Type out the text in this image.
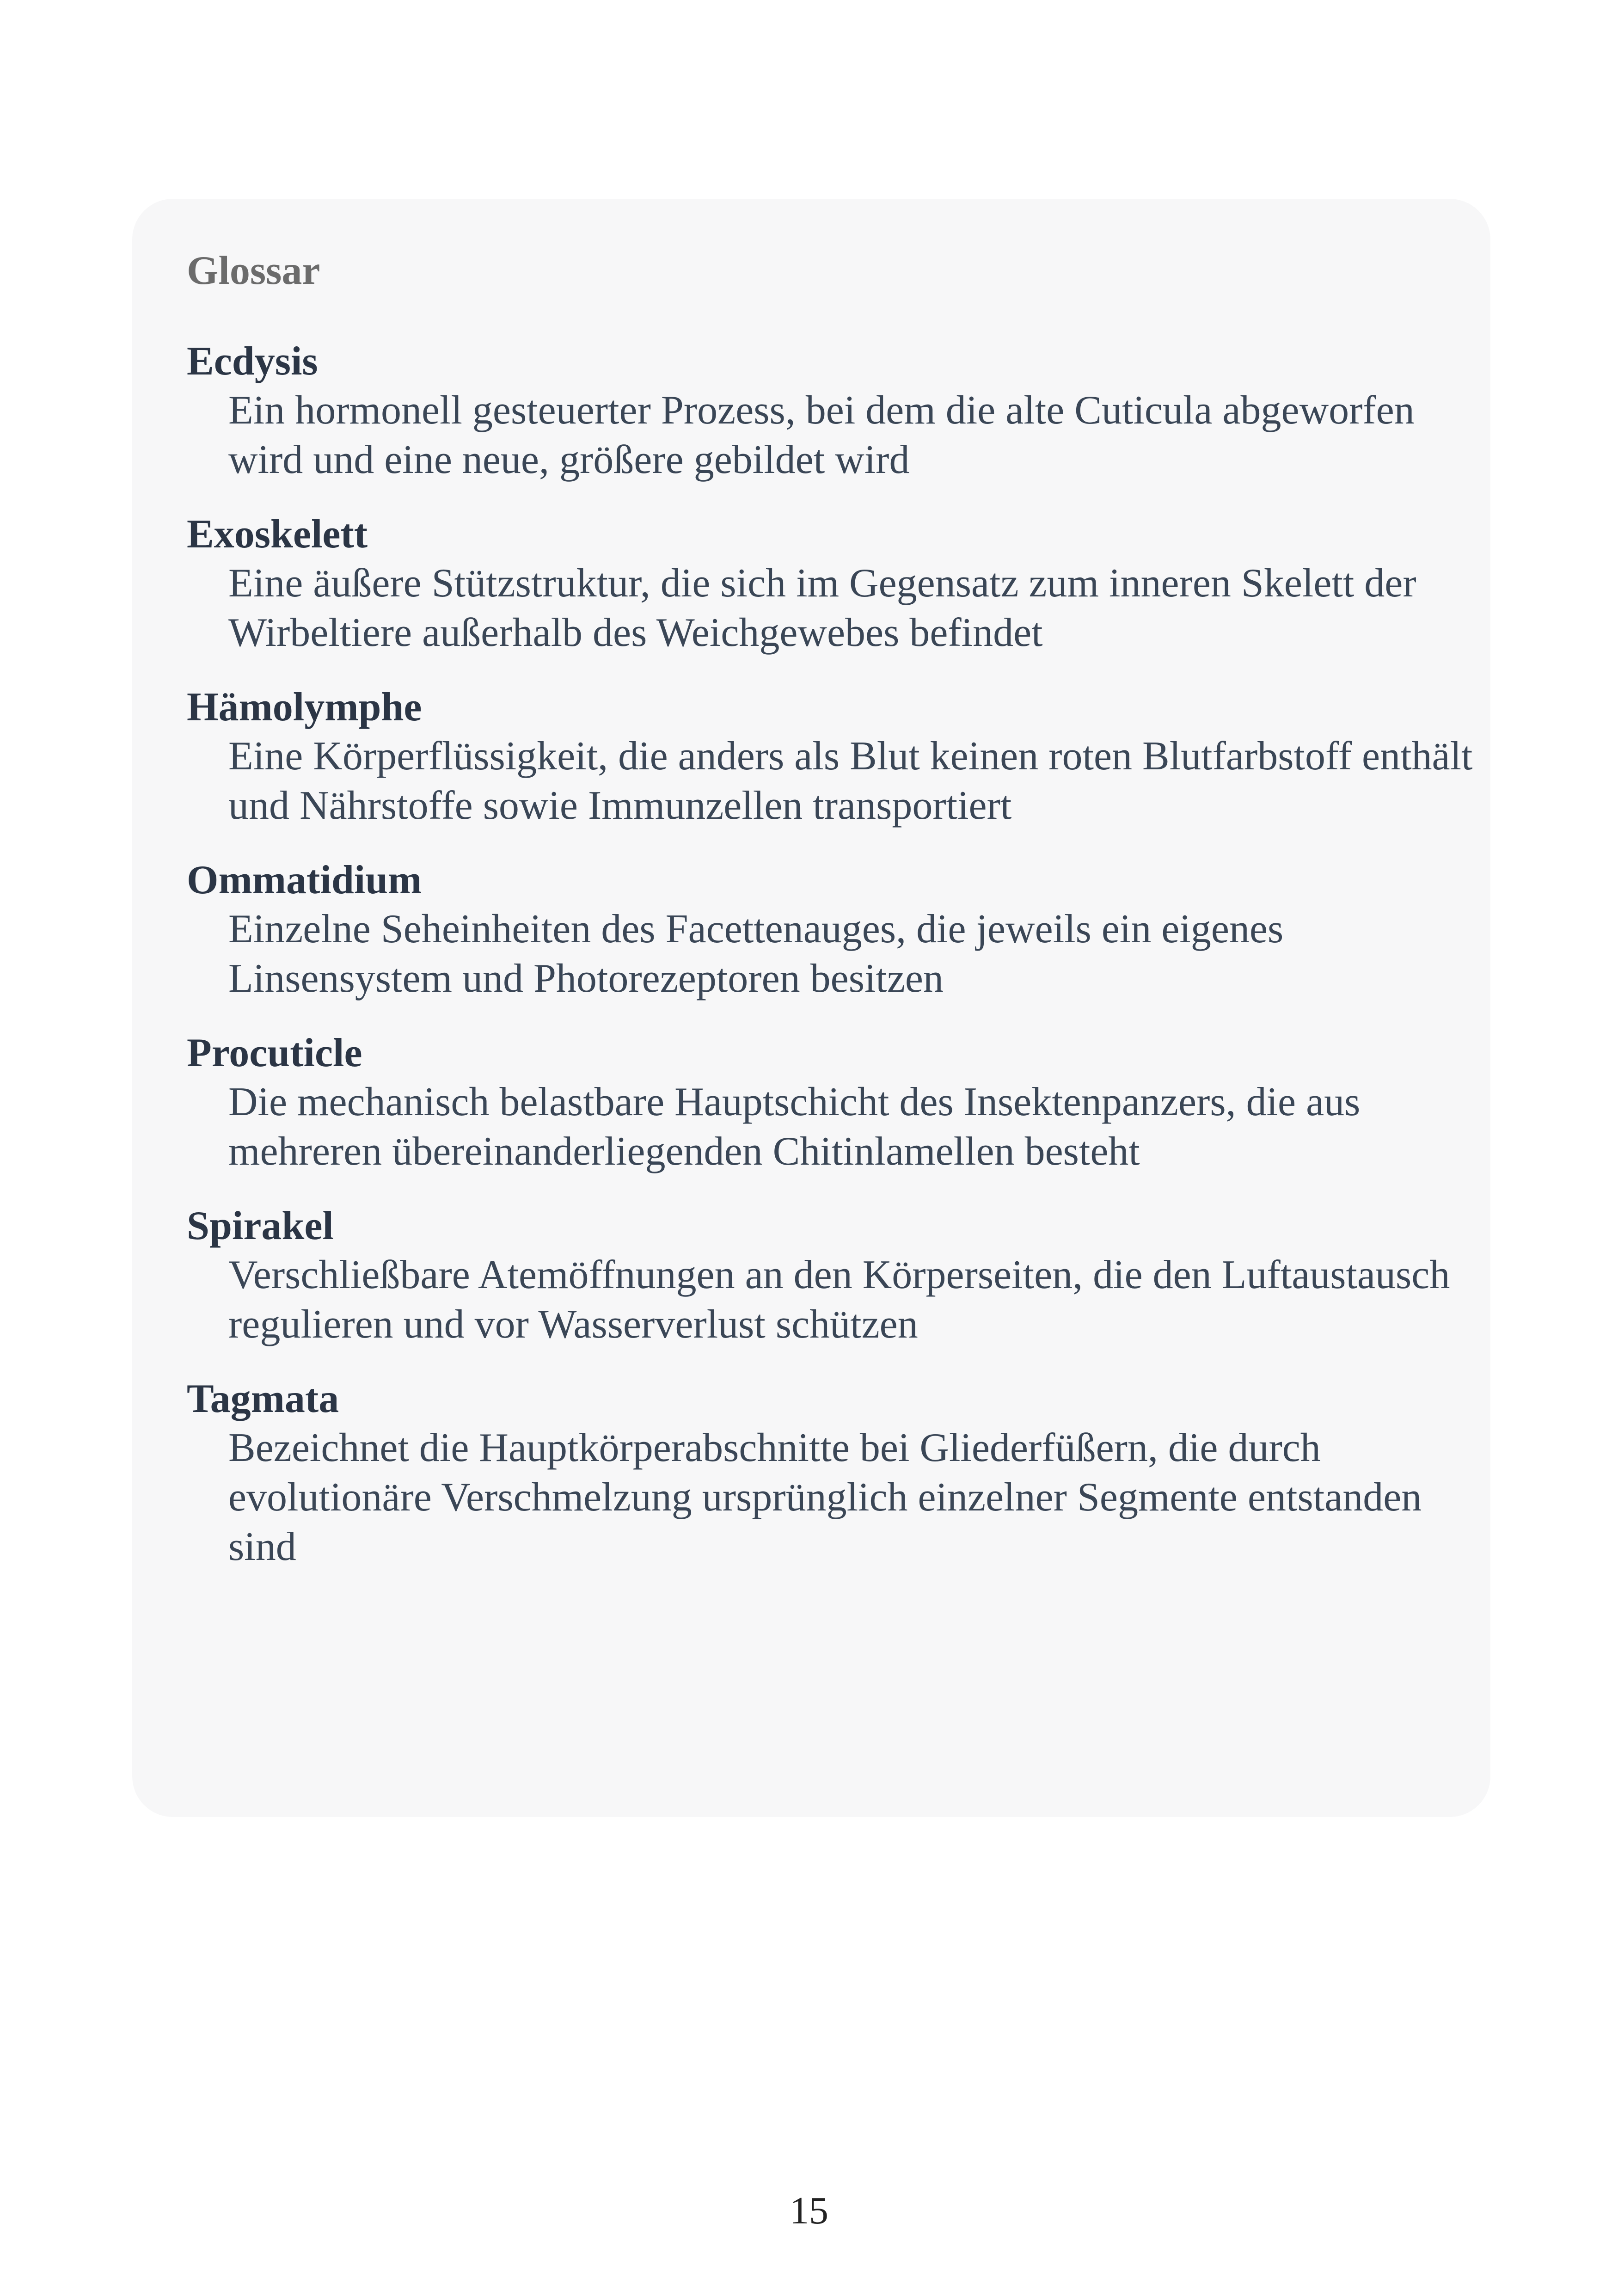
Glossar
Ecdysis
Ein hormonell gesteuerter Prozess, bei dem die alte Cuticula abgeworfen wird und eine neue, größere gebildet wird
Exoskelett
Eine äußere Stützstruktur, die sich im Gegensatz zum inneren Skelett der Wirbeltiere außerhalb des Weichgewebes befindet
Hämolymphe
Eine Körperflüssigkeit, die anders als Blut keinen roten Blutfarbstoff enthält und Nährstoffe sowie Immunzellen transportiert
Ommatidium
Einzelne Seheinheiten des Facettenauges, die jeweils ein eigenes Linsensystem und Photorezeptoren besitzen
Procuticle
Die mechanisch belastbare Hauptschicht des Insektenpanzers, die aus mehreren übereinanderliegenden Chitinlamellen besteht
Spirakel
Verschließbare Atemöffnungen an den Körperseiten, die den Luftaustausch regulieren und vor Wasserverlust schützen
Tagmata
Bezeichnet die Hauptkörperabschnitte bei Gliederfüßern, die durch evolutionäre Verschmelzung ursprünglich einzelner Segmente entstanden sind
15
